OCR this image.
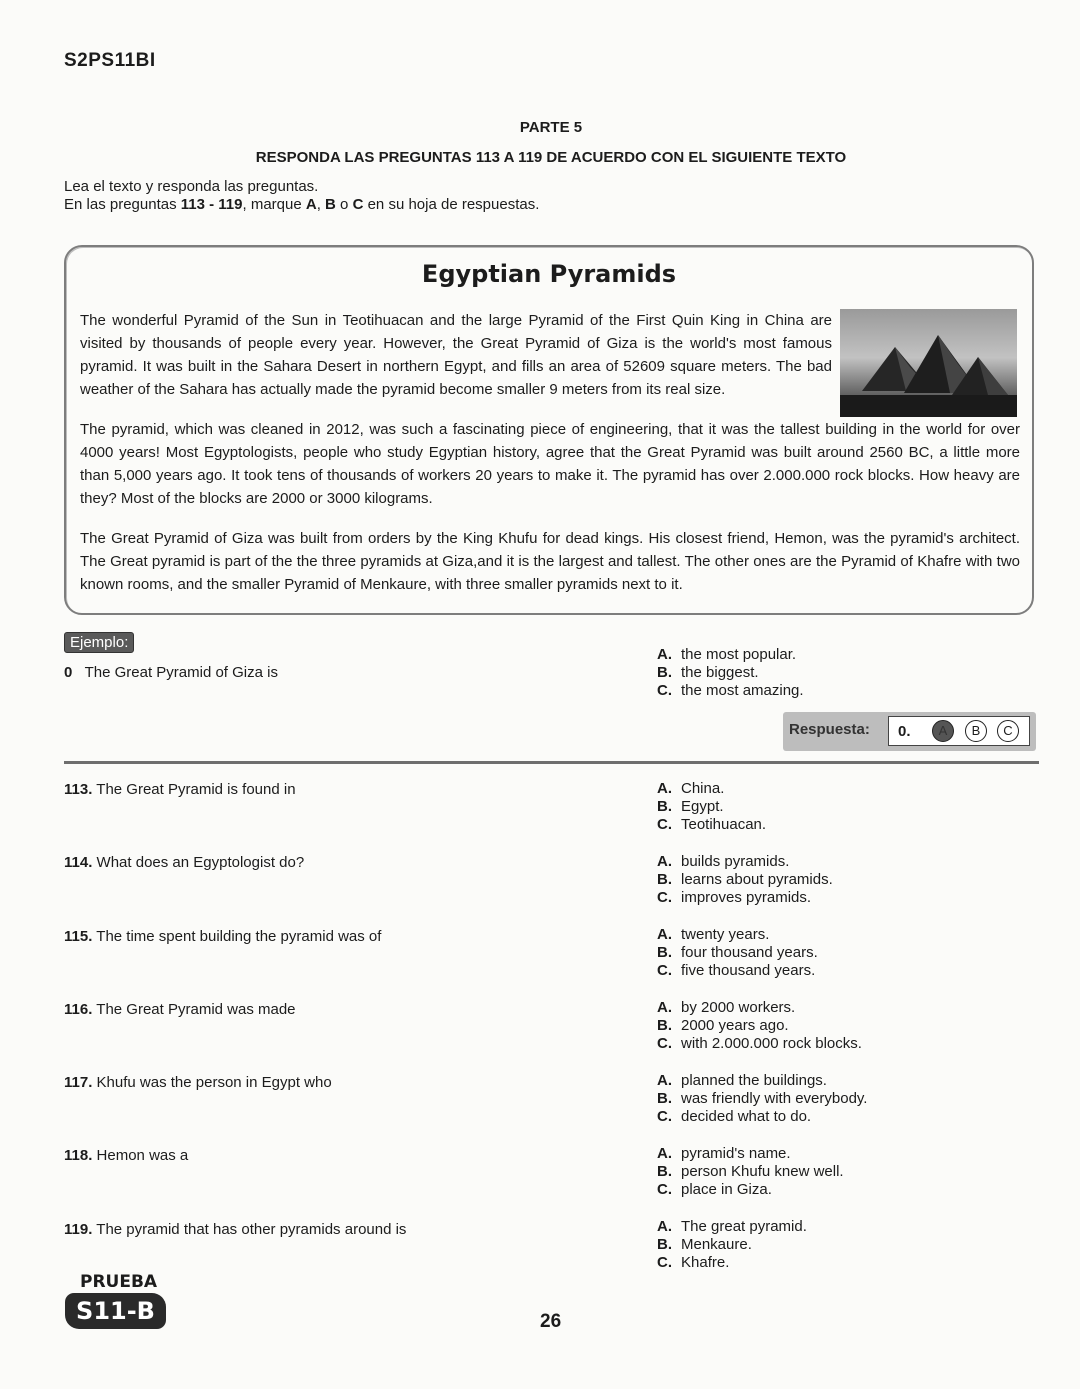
S2PS11BI
PARTE 5
RESPONDA LAS PREGUNTAS 113 A 119 DE ACUERDO CON EL SIGUIENTE TEXTO
Lea el texto y responda las preguntas.
En las preguntas 113 - 119, marque A, B o C en su hoja de respuestas.
Egyptian Pyramids
The wonderful Pyramid of the Sun in Teotihuacan and the large Pyramid of the First Quin King in China are visited by thousands of people every year. However, the Great Pyramid of Giza is the world's most famous pyramid. It was built in the Sahara Desert in northern Egypt, and fills an area of 52609 square meters. The bad weather of the Sahara has actually made the pyramid become smaller 9 meters from its real size.
The pyramid, which was cleaned in 2012, was such a fascinating piece of engineering, that it was the tallest building in the world for over 4000 years! Most Egyptologists, people who study Egyptian history, agree that the Great Pyramid was built around 2560 BC, a little more than 5,000 years ago. It took tens of thousands of workers 20 years to make it. The pyramid has over 2.000.000 rock blocks. How heavy are they? Most of the blocks are 2000 or 3000 kilograms.
The Great Pyramid of Giza was built from orders by the King Khufu for dead kings. His closest friend, Hemon, was the pyramid's architect. The Great pyramid is part of the the three pyramids at Giza,and it is the largest and tallest. The other ones are the Pyramid of Khafre with two known rooms, and the smaller Pyramid of Menkaure, with three smaller pyramids next to it.
Ejemplo:
0 The Great Pyramid of Giza is
A. the most popular.
B. the biggest.
C. the most amazing.
Respuesta: 0.	A	B	C
113. The Great Pyramid is found in	A. China.
B. Egypt.
C. Teotihuacan.
114. What does an Egyptologist do?	A. builds pyramids.
B. learns about pyramids.
C. improves pyramids.
115. The time spent building the pyramid was of	A. twenty years.
B. four thousand years.
C. five thousand years.
116. The Great Pyramid was made	A. by 2000 workers.
B. 2000 years ago.
C. with 2.000.000 rock blocks.
117. Khufu was the person in Egypt who	A. planned the buildings.
B. was friendly with everybody.
C. decided what to do.
118. Hemon was a	A. pyramid's name.
B. person Khufu knew well.
C. place in Giza.
119. The pyramid that has other pyramids around is	A. The great pyramid.
B. Menkaure.
C. Khafre.
PRUEBA
S11-B	26
